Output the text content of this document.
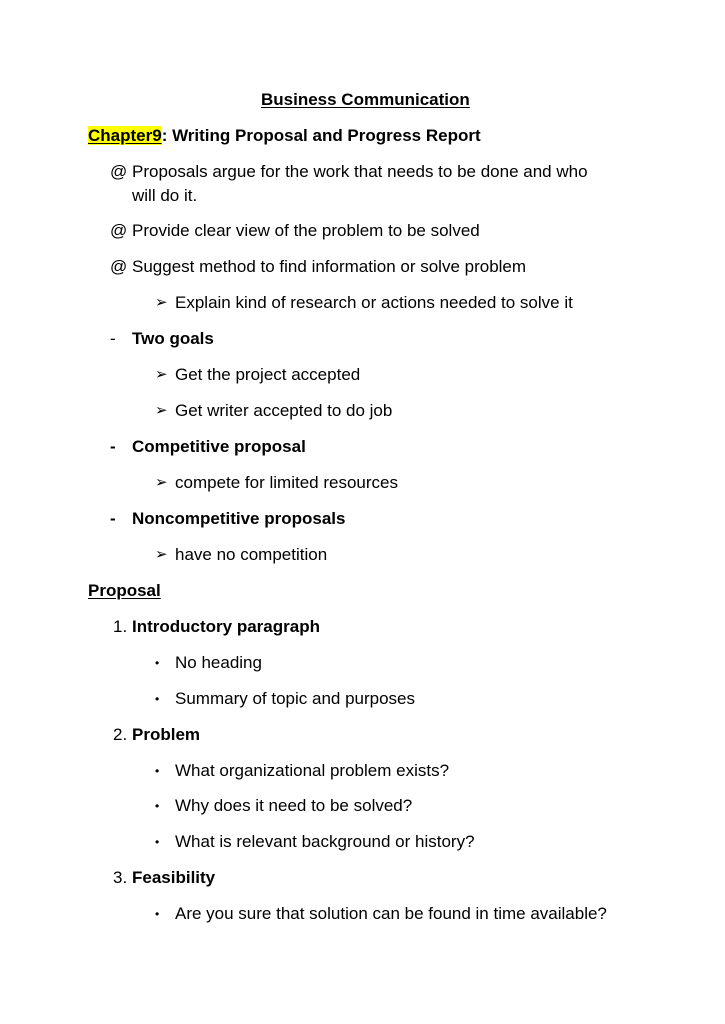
Business Communication
Chapter9: Writing Proposal and Progress Report
@ Proposals argue for the work that needs to be done and who
will do it.
@ Provide clear view of the problem to be solved
@ Suggest method to find information or solve problem
➢ Explain kind of research or actions needed to solve it
- Two goals
➢ Get the project accepted
➢ Get writer accepted to do job
- Competitive proposal
➢ compete for limited resources
- Noncompetitive proposals
➢ have no competition
Proposal
1. Introductory paragraph
• No heading
• Summary of topic and purposes
2. Problem
• What organizational problem exists?
• Why does it need to be solved?
• What is relevant background or history?
3. Feasibility
• Are you sure that solution can be found in time available?
